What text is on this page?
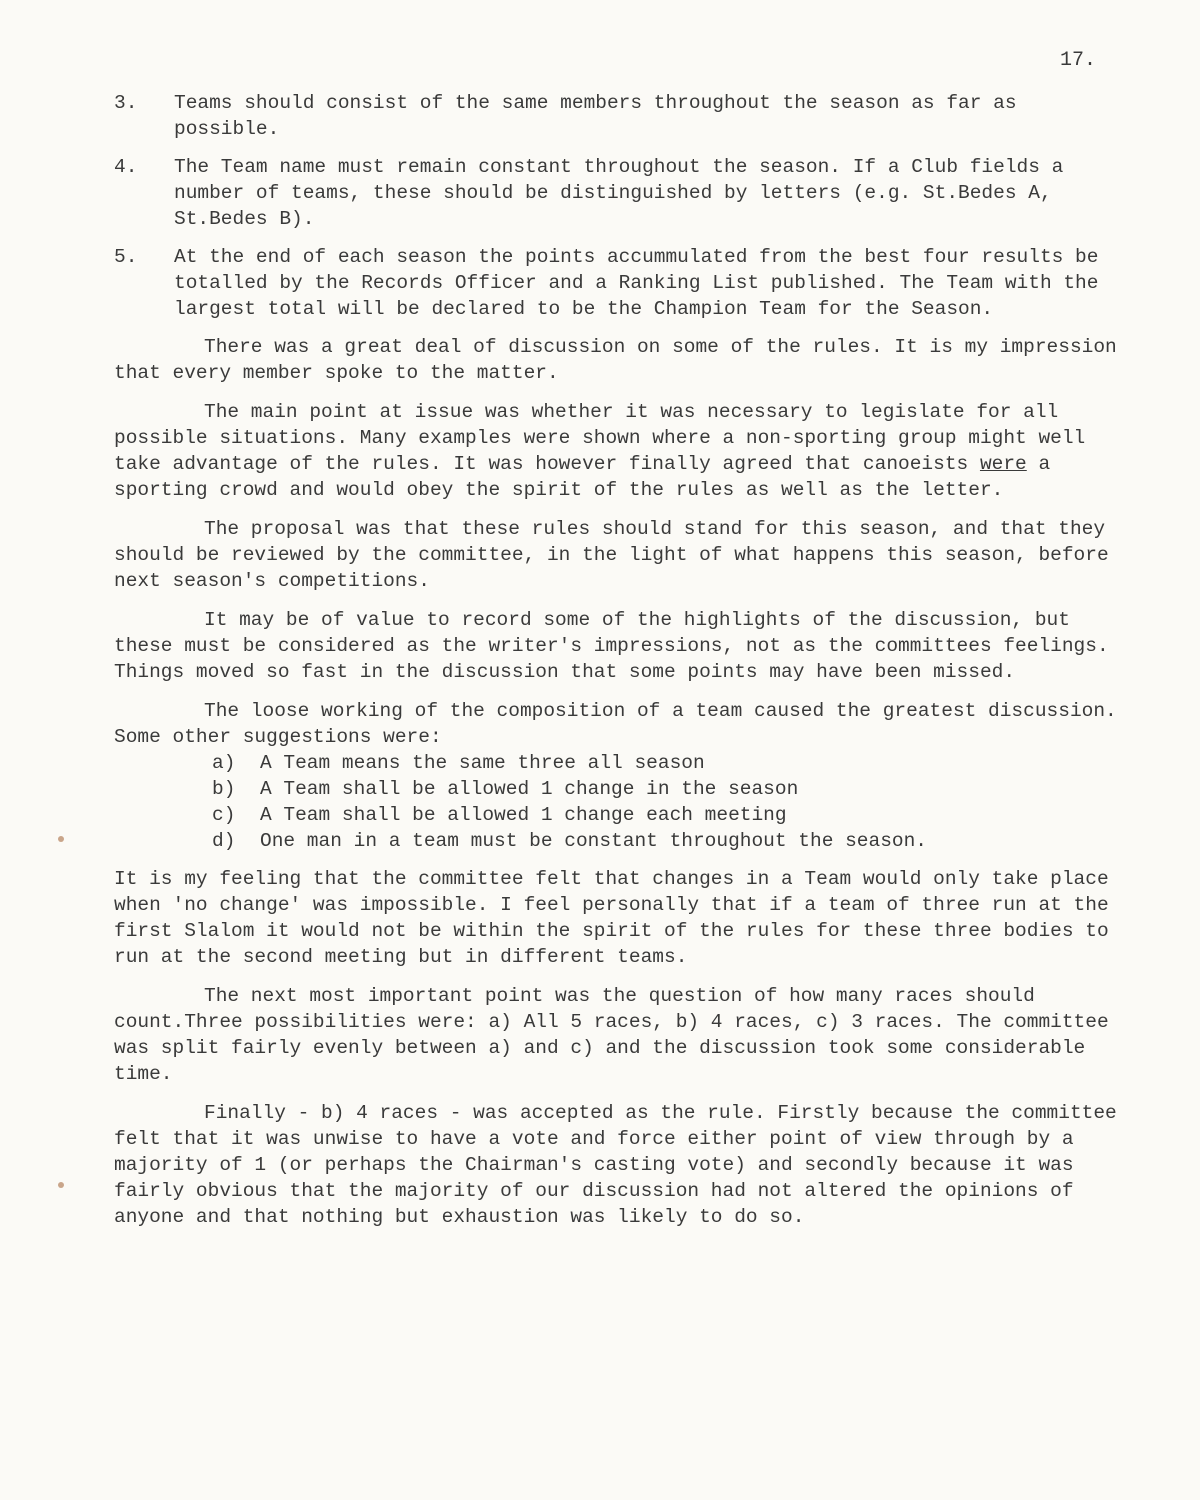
17.
3.	Teams should consist of the same members throughout the season as far as possible.
4.	The Team name must remain constant throughout the season. If a Club fields a number of teams, these should be distinguished by letters (e.g. St.Bedes A, St.Bedes B).
5.	At the end of each season the points accummulated from the best four results be totalled by the Records Officer and a Ranking List published. The Team with the largest total will be declared to be the Champion Team for the Season.

There was a great deal of discussion on some of the rules. It is my impression that every member spoke to the matter.

The main point at issue was whether it was necessary to legislate for all possible situations. Many examples were shown where a non-sporting group might well take advantage of the rules. It was however finally agreed that canoeists were a sporting crowd and would obey the spirit of the rules as well as the letter.

The proposal was that these rules should stand for this season, and that they should be reviewed by the committee, in the light of what happens this season, before next season's competitions.

It may be of value to record some of the highlights of the discussion, but these must be considered as the writer's impressions, not as the committees feelings. Things moved so fast in the discussion that some points may have been missed.

The loose working of the composition of a team caused the greatest discussion. Some other suggestions were:

a)	A Team means the same three all season
b)	A Team shall be allowed 1 change in the season
c)	A Team shall be allowed 1 change each meeting
d)	One man in a team must be constant throughout the season.

It is my feeling that the committee felt that changes in a Team would only take place when 'no change' was impossible. I feel personally that if a team of three run at the first Slalom it would not be within the spirit of the rules for these three bodies to run at the second meeting but in different teams.

The next most important point was the question of how many races should count.Three possibilities were: a) All 5 races, b) 4 races, c) 3 races. The committee was split fairly evenly between a) and c) and the discussion took some considerable time.

Finally - b) 4 races - was accepted as the rule. Firstly because the committee felt that it was unwise to have a vote and force either point of view through by a majority of 1 (or perhaps the Chairman's casting vote) and secondly because it was fairly obvious that the majority of our discussion had not altered the opinions of anyone and that nothing but exhaustion was likely to do so.
